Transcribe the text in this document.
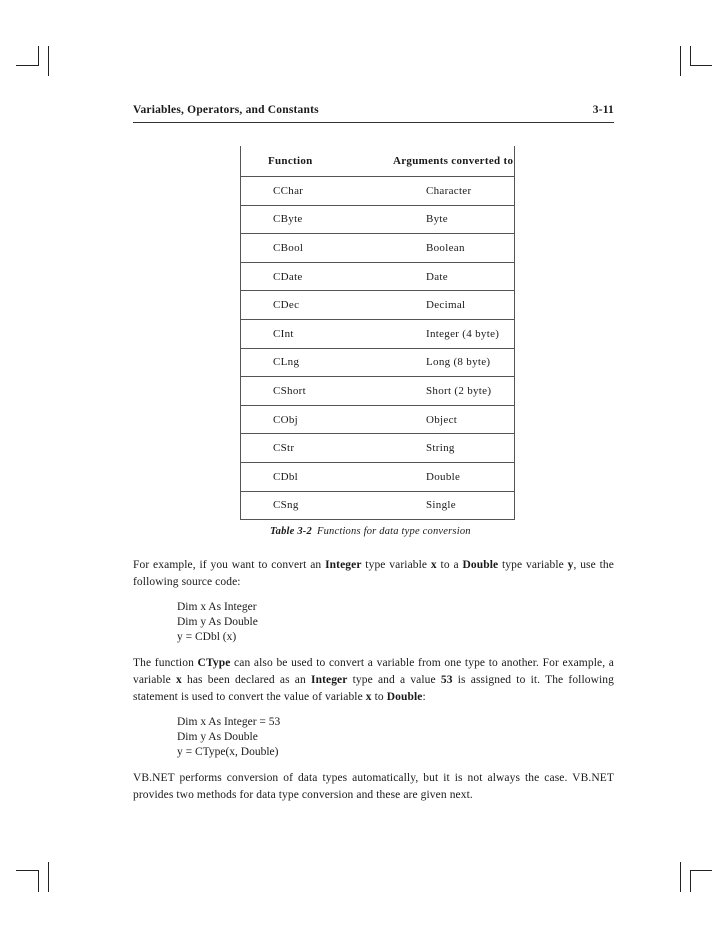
Variables, Operators, and Constants	3-11
Function	Arguments converted to
CChar	Character
CByte	Byte
CBool	Boolean
CDate	Date
CDec	Decimal
CInt	Integer (4 byte)
CLng	Long (8 byte)
CShort	Short (2 byte)
CObj	Object
CStr	String
CDbl	Double
CSng	Single
Table 3-2 Functions for data type conversion
For example, if you want to convert an Integer type variable x to a Double type variable y, use the following source code:
Dim x As Integer
Dim y As Double
y = CDbl (x)
The function CType can also be used to convert a variable from one type to another. For example, a variable x has been declared as an Integer type and a value 53 is assigned to it. The following statement is used to convert the value of variable x to Double:
Dim x As Integer = 53
Dim y As Double
y = CType(x, Double)
VB.NET performs conversion of data types automatically, but it is not always the case. VB.NET provides two methods for data type conversion and these are given next.
